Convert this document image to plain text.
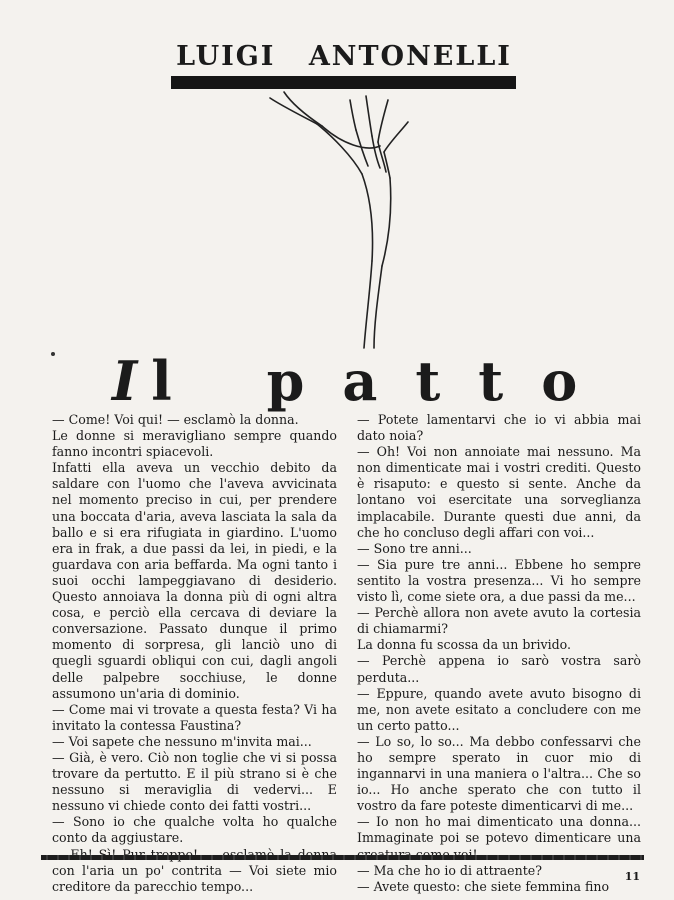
LUIGI ANTONELLI
I l patto

— Come! Voi qui! — esclamò la donna.

Le donne si meravigliano sempre quando fanno incontri spiacevoli.

Infatti ella aveva un vecchio debito da saldare con l'uomo che l'aveva avvicinata nel momento preciso in cui, per prendere una boccata d'aria, aveva lasciata la sala da ballo e si era rifugiata in giardino. L'uomo era in frak, a due passi da lei, in piedi, e la guardava con aria beffarda. Ma ogni tanto i suoi occhi lampeggiavano di desiderio. Questo annoiava la donna più di ogni altra cosa, e perciò ella cercava di deviare la conversazione. Passato dunque il primo momento di sorpresa, gli lanciò uno di quegli sguardi obliqui con cui, dagli angoli delle palpebre socchiuse, le donne assumono un'aria di dominio.

— Come mai vi trovate a questa festa? Vi ha invitato la contessa Faustina?

— Voi sapete che nessuno m'invita mai...

— Già, è vero. Ciò non toglie che vi si possa trovare da pertutto. E il più strano si è che nessuno si meraviglia di vedervi... E nessuno vi chiede conto dei fatti vostri...

— Sono io che qualche volta ho qualche conto da aggiustare.

con l'aria un po' contrita — Voi siete mio creditore da parecchio tempo...

— Potete lamentarvi che io vi abbia mai dato noia?

— Oh! Voi non annoiate mai nessuno. Ma non dimenticate mai i vostri crediti. Questo è risaputo: e questo si sente. Anche da lontano voi esercitate una sorveglianza implacabile. Durante questi due anni, da che ho concluso degli affari con voi...

— Sono tre anni...

— Sia pure tre anni... Ebbene ho sempre sentito la vostra presenza... Vi ho sempre visto lì, come siete ora, a due passi da me...

— Perchè allora non avete avuto la cortesia di chiamarmi?

La donna fu scossa da un brivido.

— Perchè appena io sarò vostra sarò perduta...

— Eppure, quando avete avuto bisogno di me, non avete esitato a concludere con me un certo patto...

— Lo so, lo so... Ma debbo confessarvi che ho sempre sperato in cuor mio di ingannarvi in una maniera o l'altra... Che so io... Ho anche sperato che con tutto il vostro da fare poteste dimenticarvi di me...

— Io non ho mai dimenticato una donna... Immaginate poi se potevo dimenticare una

— Ma che ho io di attraente?

— Avete questo: che siete femmina fino

11
